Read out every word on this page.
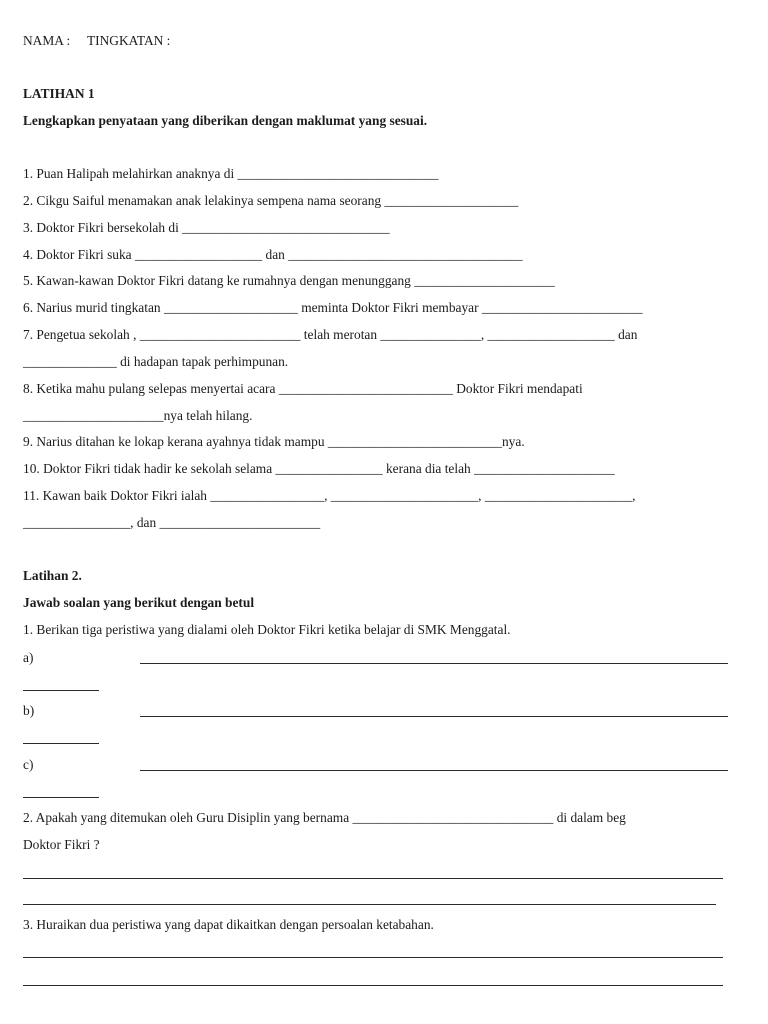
NAMA : TINGKATAN :
LATIHAN 1
Lengkapkan penyataan yang diberikan dengan maklumat yang sesuai.
1. Puan Halipah melahirkan anaknya di ______________________________
2. Cikgu Saiful menamakan anak lelakinya sempena nama seorang ____________________
3. Doktor Fikri bersekolah di _______________________________
4. Doktor Fikri suka ___________________ dan ___________________________________
5. Kawan-kawan Doktor Fikri datang ke rumahnya dengan menunggang _____________________
6. Narius murid tingkatan ____________________ meminta Doktor Fikri membayar ________________________
7. Pengetua sekolah , ________________________ telah merotan _______________, ___________________ dan
______________ di hadapan tapak perhimpunan.
8. Ketika mahu pulang selepas menyertai acara __________________________ Doktor Fikri mendapati
_____________________nya telah hilang.
9. Narius ditahan ke lokap kerana ayahnya tidak mampu __________________________nya.
10. Doktor Fikri tidak hadir ke sekolah selama ________________ kerana dia telah _____________________
11. Kawan baik Doktor Fikri ialah _________________, ______________________, ______________________,
________________, dan ________________________
Latihan 2.
Jawab soalan yang berikut dengan betul
1. Berikan tiga peristiwa yang dialami oleh Doktor Fikri ketika belajar di SMK Menggatal.
a)
b)
c)
2. Apakah yang ditemukan oleh Guru Disiplin yang bernama ______________________________ di dalam beg
Doktor Fikri ?
3. Huraikan dua peristiwa yang dapat dikaitkan dengan persoalan ketabahan.
